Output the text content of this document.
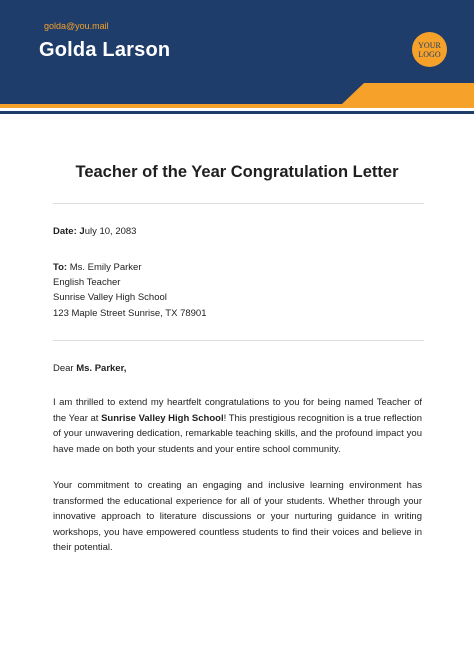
golda@you.mail
Golda Larson	YOUR LOGO
Teacher of the Year Congratulation Letter
Date: July 10, 2083
To: Ms. Emily Parker
English Teacher
Sunrise Valley High School
123 Maple Street Sunrise, TX 78901
Dear Ms. Parker,
I am thrilled to extend my heartfelt congratulations to you for being named Teacher of the Year at Sunrise Valley High School! This prestigious recognition is a true reflection of your unwavering dedication, remarkable teaching skills, and the profound impact you have made on both your students and your entire school community.
Your commitment to creating an engaging and inclusive learning environment has transformed the educational experience for all of your students. Whether through your innovative approach to literature discussions or your nurturing guidance in writing workshops, you have empowered countless students to find their voices and believe in their potential.
